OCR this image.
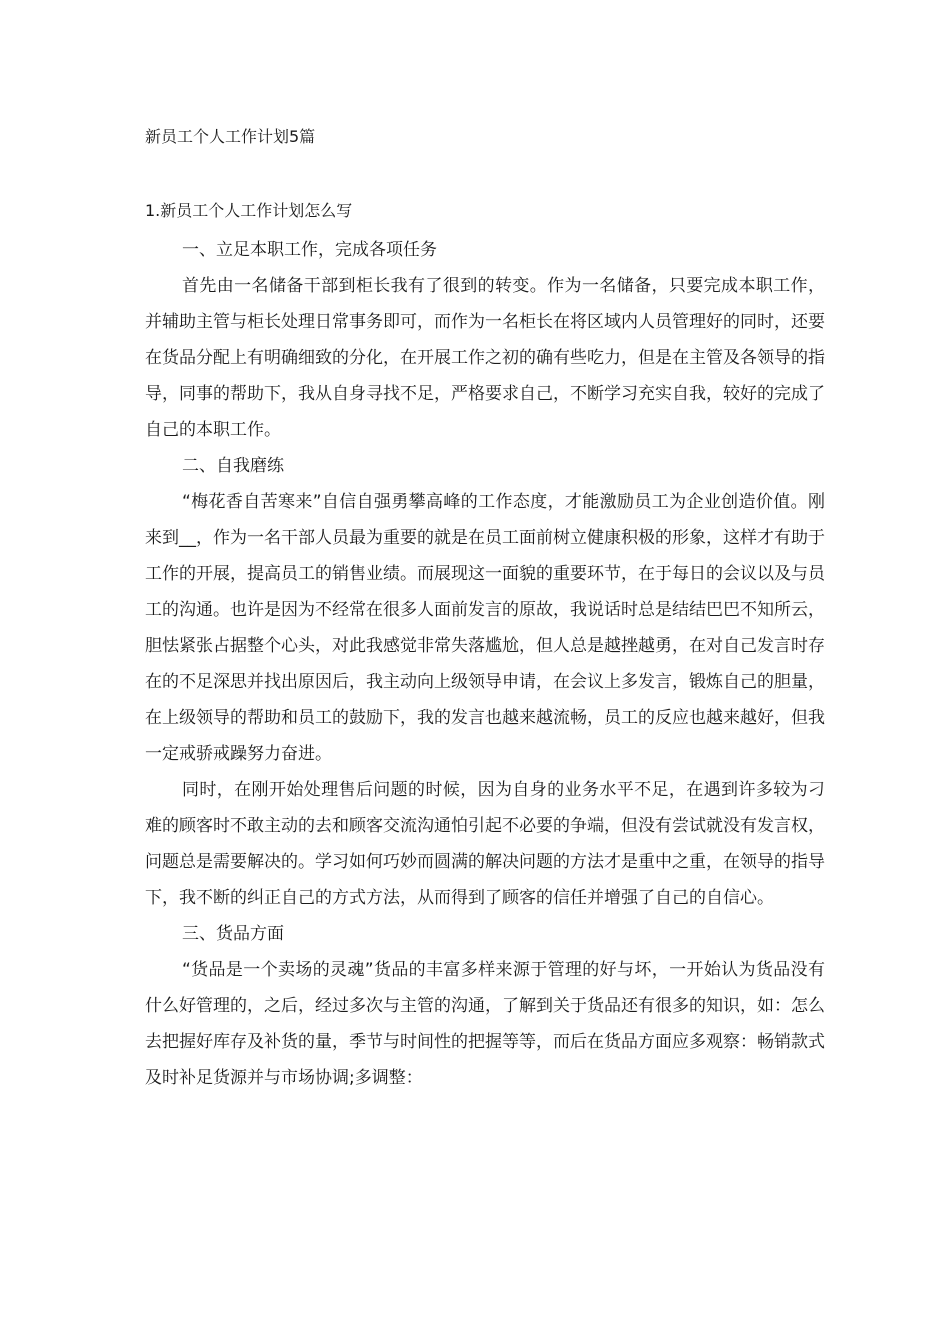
新员工个人工作计划5篇
1.新员工个人工作计划怎么写

一、立足本职工作，完成各项任务

首先由一名储备干部到柜长我有了很到的转变。作为一名储备，只要完成本职工作，并辅助主管与柜长处理日常事务即可，而作为一名柜长在将区域内人员管理好的同时，还要在货品分配上有明确细致的分化，在开展工作之初的确有些吃力，但是在主管及各领导的指导，同事的帮助下，我从自身寻找不足，严格要求自己，不断学习充实自我，较好的完成了自己的本职工作。

二、自我磨练

“梅花香自苦寒来”自信自强勇攀高峰的工作态度，才能激励员工为企业创造价值。刚来到__，作为一名干部人员最为重要的就是在员工面前树立健康积极的形象，这样才有助于工作的开展，提高员工的销售业绩。而展现这一面貌的重要环节，在于每日的会议以及与员工的沟通。也许是因为不经常在很多人面前发言的原故，我说话时总是结结巴巴不知所云，胆怯紧张占据整个心头，对此我感觉非常失落尴尬，但人总是越挫越勇，在对自己发言时存在的不足深思并找出原因后，我主动向上级领导申请，在会议上多发言，锻炼自己的胆量，在上级领导的帮助和员工的鼓励下，我的发言也越来越流畅，员工的反应也越来越好，但我一定戒骄戒躁努力奋进。

同时，在刚开始处理售后问题的时候，因为自身的业务水平不足，在遇到许多较为刁难的顾客时不敢主动的去和顾客交流沟通怕引起不必要的争端，但没有尝试就没有发言权，问题总是需要解决的。学习如何巧妙而圆满的解决问题的方法才是重中之重，在领导的指导下，我不断的纠正自己的方式方法，从而得到了顾客的信任并增强了自己的自信心。

三、货品方面

“货品是一个卖场的灵魂”货品的丰富多样来源于管理的好与坏，一开始认为货品没有什么好管理的，之后，经过多次与主管的沟通，了解到关于货品还有很多的知识，如：怎么去把握好库存及补货的量，季节与时间性的把握等等，而后在货品方面应多观察：畅销款式及时补足货源并与市场协调;多调整：
